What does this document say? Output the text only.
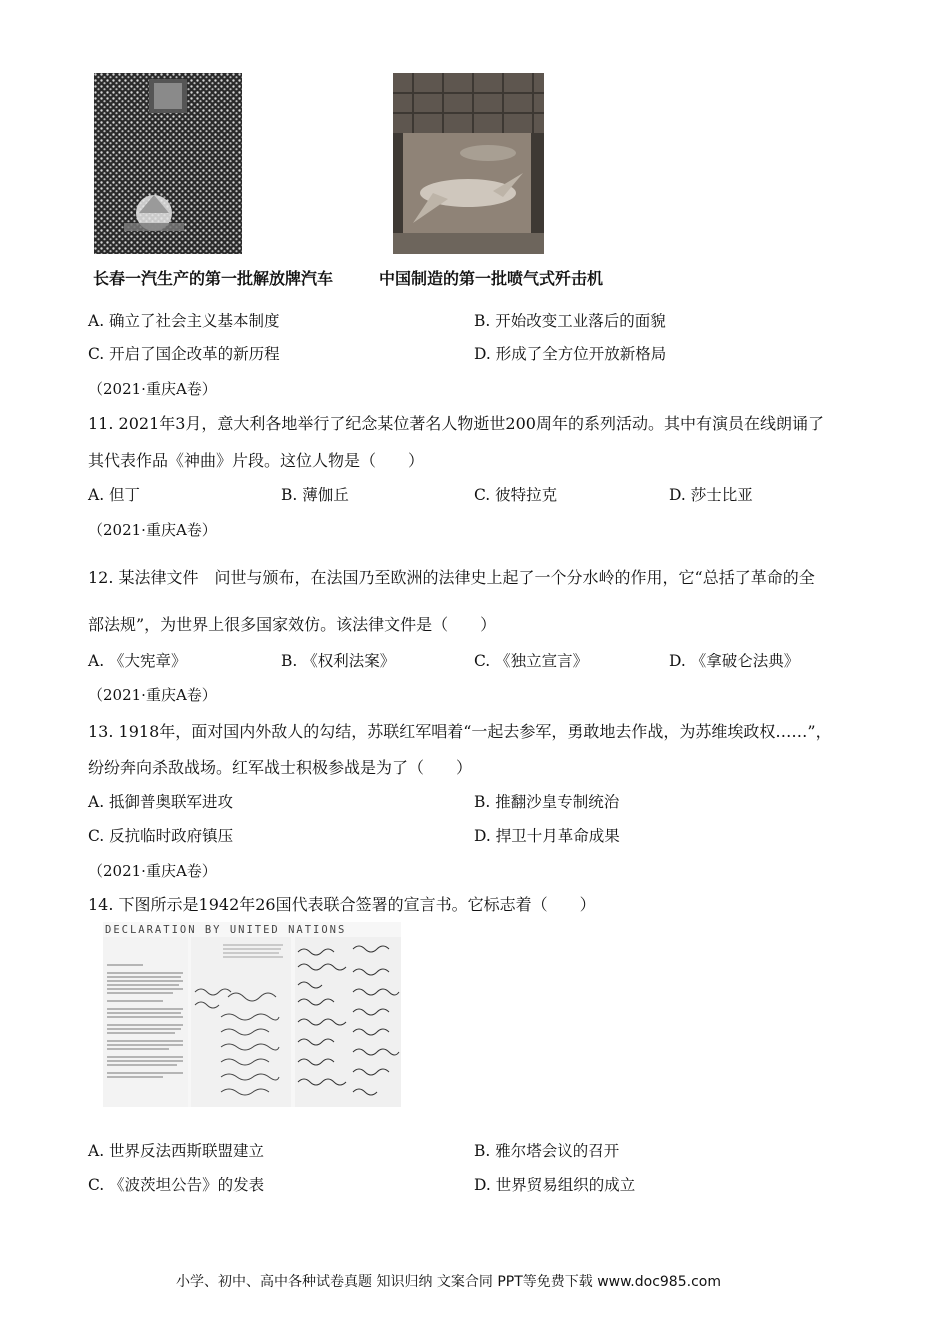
长春一汽生产的第一批解放牌汽车	中国制造的第一批喷气式歼击机
A. 确立了社会主义基本制度	B. 开始改变工业落后的面貌
C. 开启了国企改革的新历程	D. 形成了全方位开放新格局
（2021·重庆A卷）
11. 2021年3月，意大利各地举行了纪念某位著名人物逝世200周年的系列活动。其中有演员在线朗诵了
其代表作品《神曲》片段。这位人物是（　　）
A. 但丁	B. 薄伽丘	C. 彼特拉克	D. 莎士比亚
（2021·重庆A卷）
12. 某法律文件　问世与颁布，在法国乃至欧洲的法律史上起了一个分水岭的作用，它“总括了革命的全
部法规”，为世界上很多国家效仿。该法律文件是（　　）
A. 《大宪章》	B. 《权利法案》	C. 《独立宣言》	D. 《拿破仑法典》
（2021·重庆A卷）
13. 1918年，面对国内外敌人的勾结，苏联红军唱着“一起去参军，勇敢地去作战，为苏维埃政权……”，
纷纷奔向杀敌战场。红军战士积极参战是为了（　　）
A. 抵御普奥联军进攻	B. 推翻沙皇专制统治
C. 反抗临时政府镇压	D. 捍卫十月革命成果
（2021·重庆A卷）
14. 下图所示是1942年26国代表联合签署的宣言书。它标志着（　　）
DECLARATION BY UNITED NATIONS
A. 世界反法西斯联盟建立	B. 雅尔塔会议的召开
C. 《波茨坦公告》的发表	D. 世界贸易组织的成立
小学、初中、高中各种试卷真题 知识归纳 文案合同 PPT等免费下载 www.doc985.com
